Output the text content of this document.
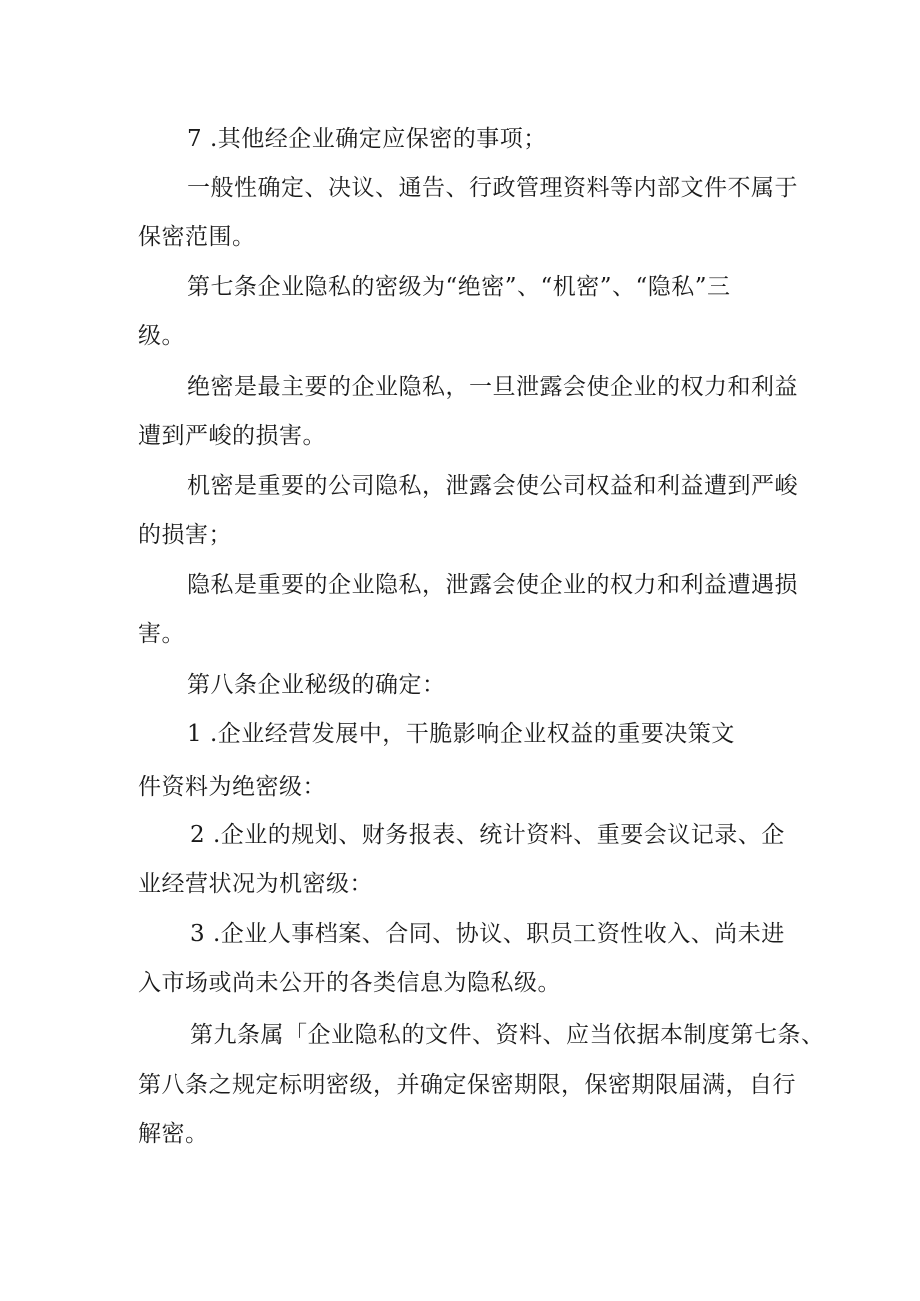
7 .其他经企业确定应保密的事项；
一般性确定、决议、通告、行政管理资料等内部文件不属于
保密范围。
第七条企业隐私的密级为“绝密”、“机密”、“隐私”三
级。
绝密是最主要的企业隐私，一旦泄露会使企业的权力和利益
遭到严峻的损害。
机密是重要的公司隐私，泄露会使公司权益和利益遭到严峻
的损害；
隐私是重要的企业隐私，泄露会使企业的权力和利益遭遇损
害。
第八条企业秘级的确定：
1 .企业经营发展中，干脆影响企业权益的重要决策文
件资料为绝密级：
2 .企业的规划、财务报表、统计资料、重要会议记录、企
业经营状况为机密级：
3 .企业人事档案、合同、协议、职员工资性收入、尚未进
入市场或尚未公开的各类信息为隐私级。
第九条属「企业隐私的文件、资料、应当依据本制度第七条、
第八条之规定标明密级，并确定保密期限，保密期限届满，自行
解密。
